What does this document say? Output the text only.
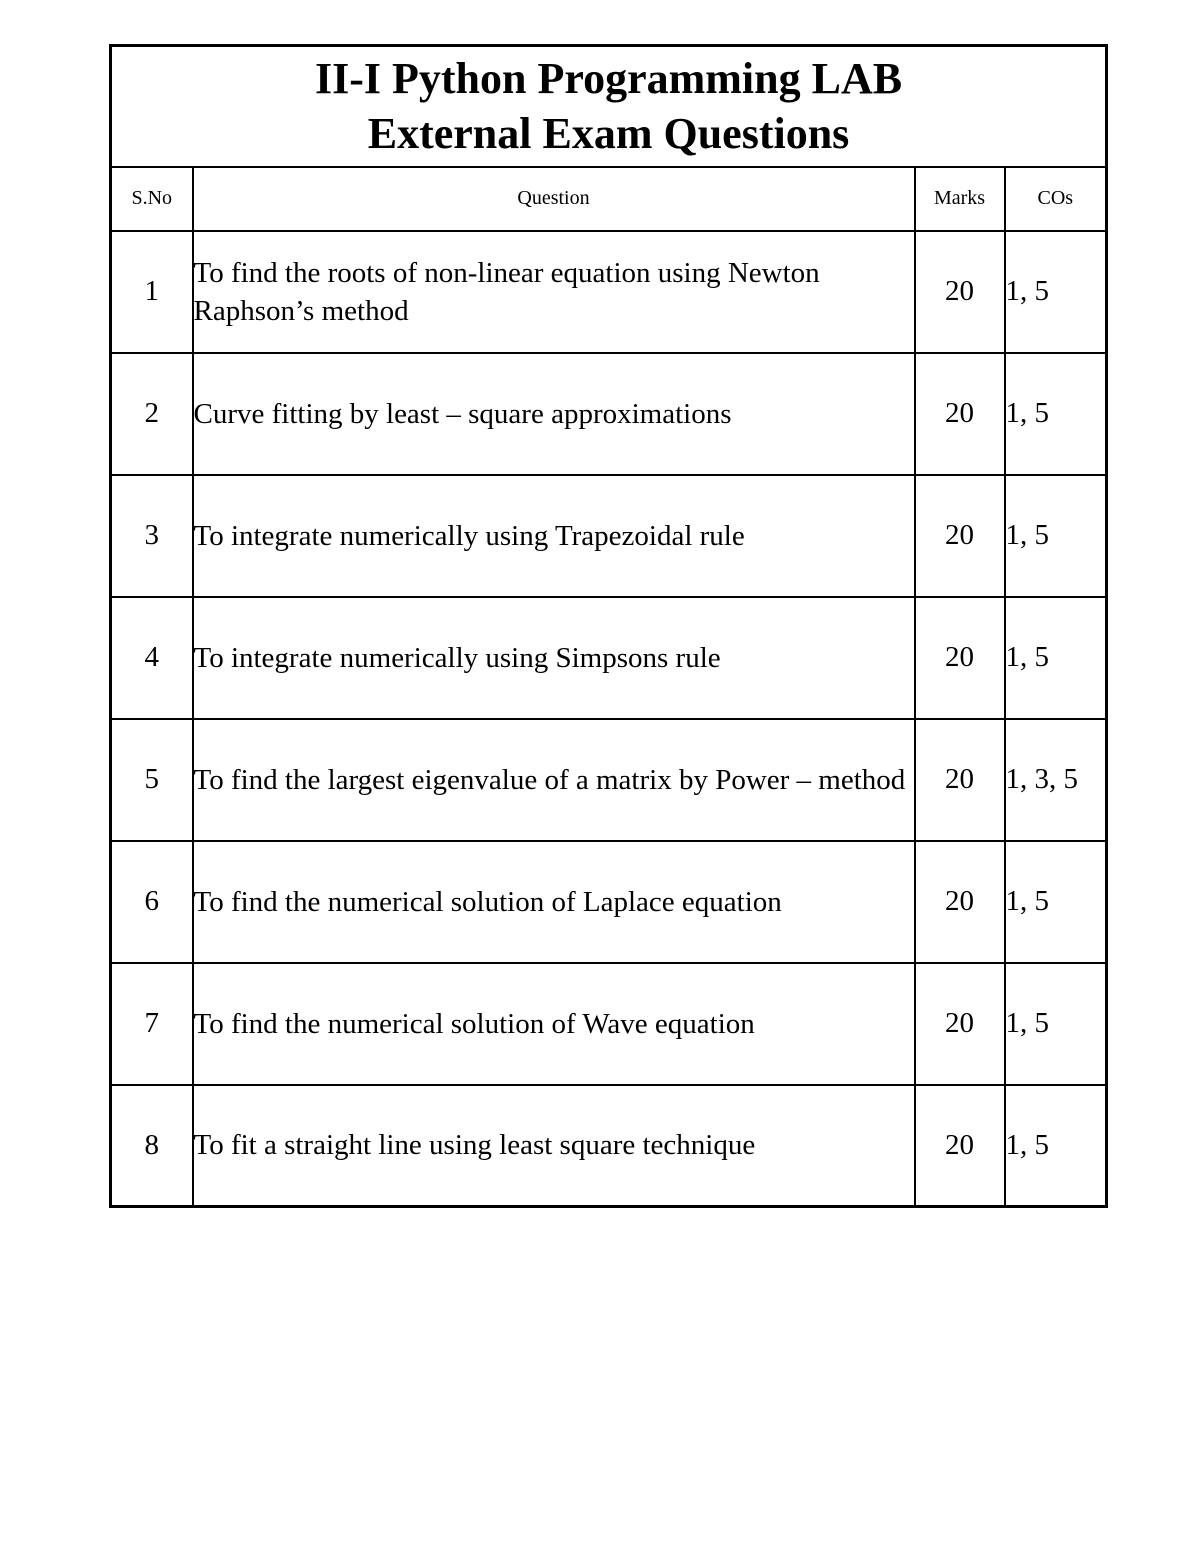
II-I Python Programming LAB
External Exam Questions			

S.No	Question	Marks	COs
1	To find the roots of non-linear equation using Newton Raphson’s method	20	1, 5
2	Curve fitting by least – square approximations	20	1, 5
3	To integrate numerically using Trapezoidal rule	20	1, 5
4	To integrate numerically using Simpsons rule	20	1, 5
5	To find the largest eigenvalue of a matrix by Power – method	20	1, 3, 5
6	To find the numerical solution of Laplace equation	20	1, 5
7	To find the numerical solution of Wave equation	20	1, 5
8	To fit a straight line using least square technique	20	1, 5
